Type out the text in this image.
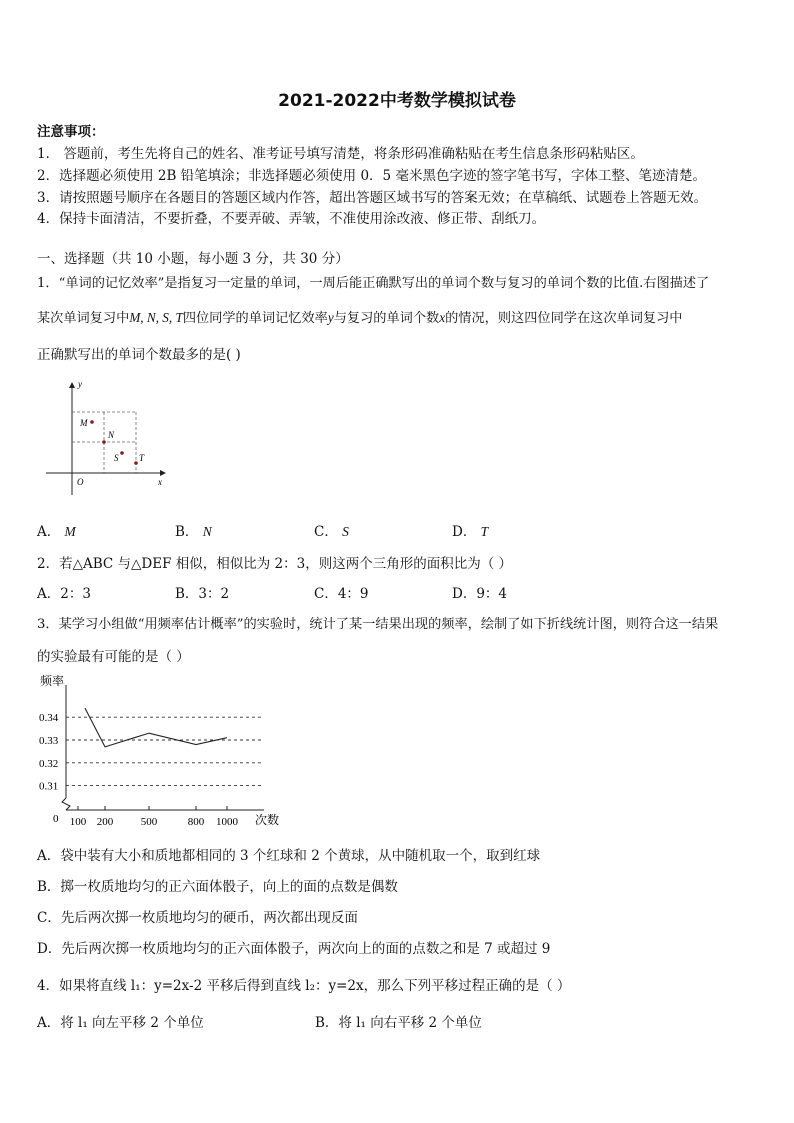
2021-2022中考数学模拟试卷
注意事项：
1． 答题前，考生先将自己的姓名、准考证号填写清楚，将条形码准确粘贴在考生信息条形码粘贴区。
2．选择题必须使用 2B 铅笔填涂；非选择题必须使用 0．5 毫米黑色字迹的签字笔书写，字体工整、笔迹清楚。
3．请按照题号顺序在各题目的答题区域内作答，超出答题区域书写的答案无效；在草稿纸、试题卷上答题无效。
4．保持卡面清洁，不要折叠，不要弄破、弄皱，不准使用涂改液、修正带、刮纸刀。
一、选择题（共 10 小题，每小题 3 分，共 30 分）
1．“单词的记忆效率”是指复习一定量的单词，一周后能正确默写出的单词个数与复习的单词个数的比值.右图描述了
某次单词复习中M, N, S, T四位同学的单词记忆效率y与复习的单词个数x的情况，则这四位同学在这次单词复习中
正确默写出的单词个数最多的是( )
y
x
O
M
N
S T
A． M	B． N	C． S	D． T
2．若△ABC 与△DEF 相似，相似比为 2：3，则这两个三角形的面积比为（ ）
A．2：3	B．3：2	C．4：9	D．9：4
3．某学习小组做“用频率估计概率”的实验时，统计了某一结果出现的频率，绘制了如下折线统计图，则符合这一结果
的实验最有可能的是（ ）
频率
次数
0
0.34
0.33
0.32
0.31
100 200	500	800 1000
A．袋中装有大小和质地都相同的 3 个红球和 2 个黄球，从中随机取一个，取到红球
B．掷一枚质地均匀的正六面体骰子，向上的面的点数是偶数
C．先后两次掷一枚质地均匀的硬币，两次都出现反面
D．先后两次掷一枚质地均匀的正六面体骰子，两次向上的面的点数之和是 7 或超过 9
4．如果将直线 l₁：y=2x-2 平移后得到直线 l₂：y=2x，那么下列平移过程正确的是（ ）
A．将 l₁ 向左平移 2 个单位	B．将 l₁ 向右平移 2 个单位
